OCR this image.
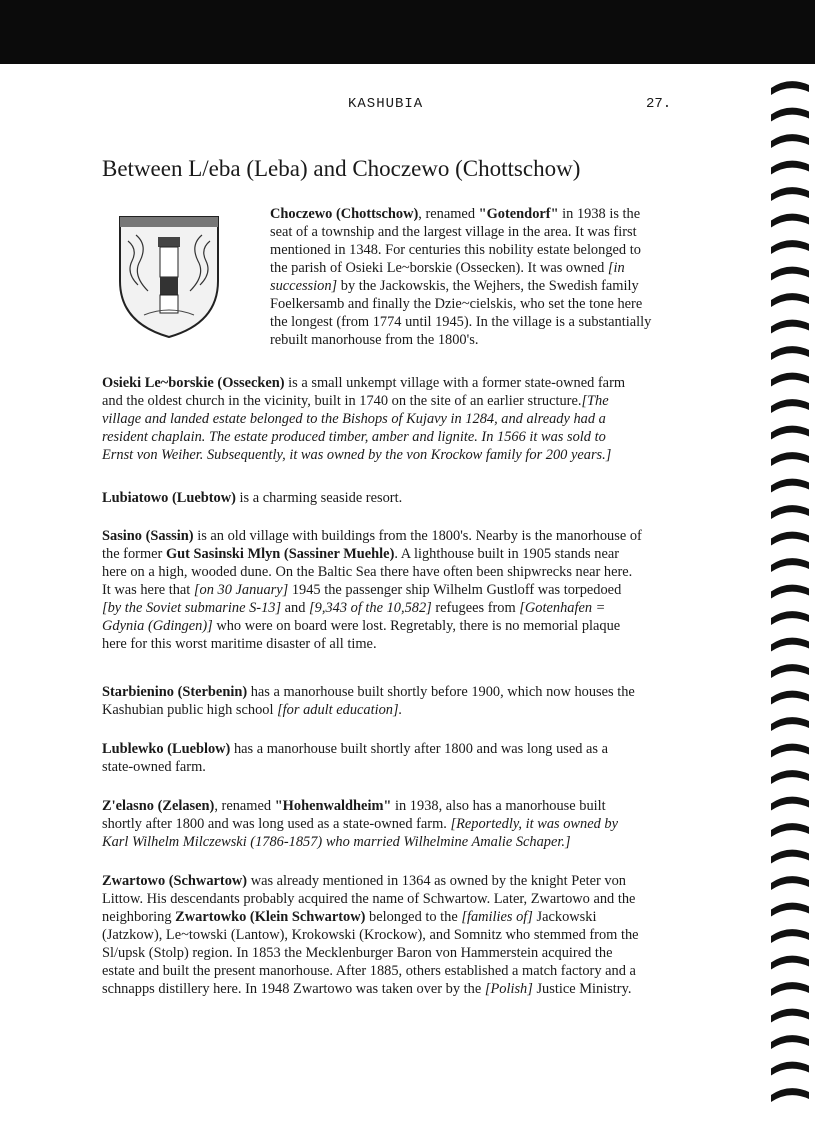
KASHUBIA	27.
Between L/eba (Leba) and Choczewo (Chottschow)
Choczewo (Chottschow), renamed "Gotendorf" in 1938 is the
seat of a township and the largest village in the area. It was first
mentioned in 1348. For centuries this nobility estate belonged to
the parish of Osieki Le~borskie (Ossecken). It was owned [in
succession] by the Jackowskis, the Wejhers, the Swedish family
Foelkersamb and finally the Dzie~cielskis, who set the tone here
the longest (from 1774 until 1945). In the village is a substantially
rebuilt manorhouse from the 1800's.
Osieki Le~borskie (Ossecken) is a small unkempt village with a former state-owned farm
and the oldest church in the vicinity, built in 1740 on the site of an earlier structure.[The
village and landed estate belonged to the Bishops of Kujavy in 1284, and already had a
resident chaplain. The estate produced timber, amber and lignite. In 1566 it was sold to
Ernst von Weiher. Subsequently, it was owned by the von Krockow family for 200 years.]
Lubiatowo (Luebtow) is a charming seaside resort.
Sasino (Sassin) is an old village with buildings from the 1800's. Nearby is the manorhouse of
the former Gut Sasinski Mlyn (Sassiner Muehle). A lighthouse built in 1905 stands near
here on a high, wooded dune. On the Baltic Sea there have often been shipwrecks near here.
It was here that [on 30 January] 1945 the passenger ship Wilhelm Gustloff was torpedoed
[by the Soviet submarine S-13] and [9,343 of the 10,582] refugees from [Gotenhafen =
Gdynia (Gdingen)] who were on board were lost. Regretably, there is no memorial plaque
here for this worst maritime disaster of all time.
Starbienino (Sterbenin) has a manorhouse built shortly before 1900, which now houses the
Kashubian public high school [for adult education].
Lublewko (Lueblow) has a manorhouse built shortly after 1800 and was long used as a
state-owned farm.
Z'elasno (Zelasen), renamed "Hohenwaldheim" in 1938, also has a manorhouse built
shortly after 1800 and was long used as a state-owned farm. [Reportedly, it was owned by
Karl Wilhelm Milczewski (1786-1857) who married Wilhelmine Amalie Schaper.]
Zwartowo (Schwartow) was already mentioned in 1364 as owned by the knight Peter von
Littow. His descendants probably acquired the name of Schwartow. Later, Zwartowo and the
neighboring Zwartowko (Klein Schwartow) belonged to the [families of] Jackowski
(Jatzkow), Le~towski (Lantow), Krokowski (Krockow), and Somnitz who stemmed from the
Sl/upsk (Stolp) region. In 1853 the Mecklenburger Baron von Hammerstein acquired the
estate and built the present manorhouse. After 1885, others established a match factory and a
schnapps distillery here. In 1948 Zwartowo was taken over by the [Polish] Justice Ministry.
